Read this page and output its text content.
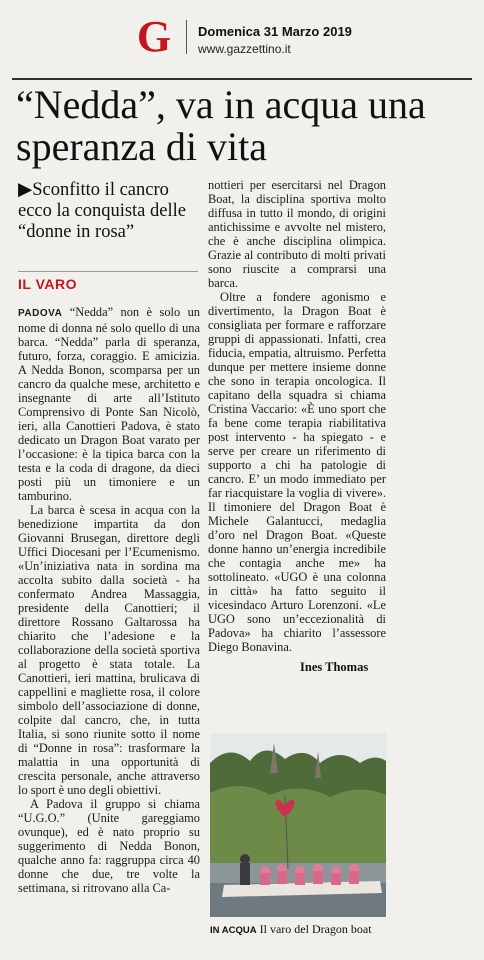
G Domenica 31 Marzo 2019
www.gazzettino.it
“Nedda”, va in acqua una speranza di vita
▶Sconfitto il cancro ecco la conquista delle “donne in rosa”
IL VARO

PADOVA “Nedda” non è solo un nome di donna né solo quello di una barca. “Nedda” parla di speranza, futuro, forza, coraggio. E amicizia. A Nedda Bonon, scomparsa per un cancro da qualche mese, architetto e insegnante di arte all’Istituto Comprensivo di Ponte San Nicolò, ieri, alla Canottieri Padova, è stato dedicato un Dragon Boat varato per l’occasione: è la tipica barca con la testa e la coda di dragone, da dieci posti più un timoniere e un tamburino.

La barca è scesa in acqua con la benedizione impartita da don Giovanni Brusegan, direttore degli Uffici Diocesani per l’Ecumenismo. «Un’iniziativa nata in sordina ma accolta subito dalla società - ha confermato Andrea Massaggia, presidente della Canottieri; il direttore Rossano Galtarossa ha chiarito che l’adesione e la collaborazione della società sportiva al progetto è stata totale. La Canottieri, ieri mattina, brulicava di cappellini e magliette rosa, il colore simbolo dell’associazione di donne, colpite dal cancro, che, in tutta Italia, si sono riunite sotto il nome di “Donne in rosa”: trasformare la malattia in una opportunità di crescita personale, anche attraverso lo sport è uno degli obiettivi.

A Padova il gruppo si chiama “U.G.O.” (Unite gareggiamo ovunque), ed è nato proprio su suggerimento di Nedda Bonon, qualche anno fa: raggruppa circa 40 donne che due, tre volte la settimana, si ritrovano alla Ca-

nottieri per esercitarsi nel Dragon Boat, la disciplina sportiva molto diffusa in tutto il mondo, di origini antichissime e avvolte nel mistero, che è anche disciplina olimpica. Grazie al contributo di molti privati sono riuscite a comprarsi una barca.

Oltre a fondere agonismo e divertimento, la Dragon Boat è consigliata per formare e rafforzare gruppi di appassionati. Infatti, crea fiducia, empatia, altruismo. Perfetta dunque per mettere insieme donne che sono in terapia oncologica. Il capitano della squadra si chiama Cristina Vaccario: «È uno sport che fa bene come terapia riabilitativa post intervento - ha spiegato - e serve per creare un riferimento di supporto a chi ha patologie di cancro. E’ un modo immediato per far riacquistare la voglia di vivere». Il timoniere del Dragon Boat è Michele Galantucci, medaglia d’oro nel Dragon Boat. «Queste donne hanno un’energia incredibile che contagia anche me» ha sottolineato. «UGO è una colonna in città» ha fatto seguito il vicesindaco Arturo Lorenzoni. «Le UGO sono un’eccezionalità di Padova» ha chiarito l’assessore Diego Bonavina.

Ines Thomas
IN ACQUA Il varo del Dragon boat
